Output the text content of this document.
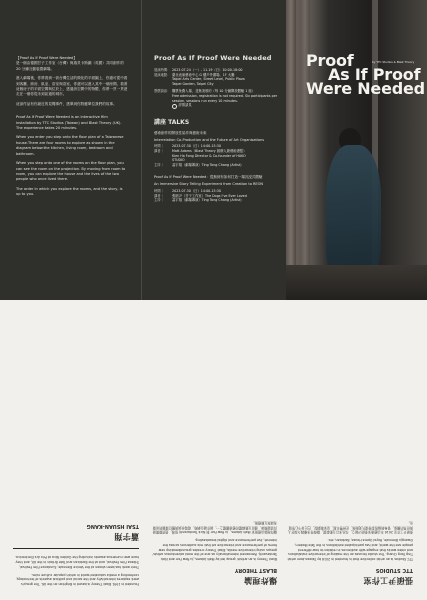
【Proof As If Proof Were Needed】

是一個由德國甘子工作室（台灣）與瑞貝卡斯圖（英國）共同創作的 20 分鐘互動裝置劇場。

進入劇場後，你將看到一套台灣生活的微化的平面圖上，你還可從中看到客廳、廚房、臥室、浴室與浴室，你還可以進入其中一個房間。看著這個房子的平面空間與位於上，透過該空間中的物體，你將一頁一頁遊走在一個你從未到訪過的城市。

這部作品有你最近的見聞事件，透單到你對應單位我們的故事。

Proof As If Proof Were Needed is an interactive film installation by TTC Studios (Taiwan) and Blast Theory (UK). The experience takes 20 minutes.

When you enter you step onto the floor plan of a Taiwanese house.There are four rooms to explore as shown in the diagram below:the kitchen, living room, bedroom and bathroom.

When you step onto one of the rooms on the floor plan, you can see the room on the projection. By moving from room to room, you can explore the house and the lives of the two people who once lived there.

The order in which you explore the rooms, and the story, is up to you.

Proof As If Proof Were Needed

展演時間： 2023.07.24（一）- 11.19（日）10:00-18:00
展演地點： 臺北表演藝術中心 G 樓戶外廣場、1F 大廳
Taipei Arts Center, Street Level, Public Plaza
Taipei Garden, Taipei City
票價資訊： 購票免費入場、並無須預約（每 10 分鐘開放體驗 1 組）
Free admission, registration is not required. Six participants per session, sessions run every 10 minutes.
詳情請見

講座 TALKS

藝術創作的開放性協作與藝術未來

Interrelation Co-Production and the Future of Art Organisations

時間｜	2023.07.30（日）14:00-15:30
講者｜	Matt Adams（Blast Theory 創辦人兼藝術總監）
Kien Ha Fong Director & Co-founder of HAKO
STUDIO
主持｜	蕭宇翔（劇場導演）Ting Tong Chang (Artist)

Proof As If Proof Were Needed：從無到有如何打造一場沉浸式體驗

An Immersive Story Telling Experiment from Creation to REON

時間｜	2023.07.30（日）14:00-15:30
講者｜	張碩尹（甘子工作室）The Dogs I've Ever Loved
主持｜	蕭宇翔（劇場導演）Ting Tong Chang (Artist)
Proof
As If Proof
Were Needed
by TTC Studios & Blast Theory
張碩尹工作室
TTC STUDIOS

TTC Studios is an artist collective that is founded in 2016 by Taiwan-born artist Ting Tong Chang. The studio focuses on the making of interactive installations and video works that engage with audiences in relation to how different people see the world, and has participated exhibitions in the Tate Modern, Gwangju Biennale, Royal Opera House, Barbican, etc.

張碩尹工作室 2016 年由藝術家張碩尹創立，作品多以互動裝置、錄像等多種媒介探討人與世界的關係，曾參與倫敦泰特現代美術館、光州雙年展、皇家歌劇院、巴比肯中心等展出。

爆炸理論
BLAST THEORY

Blast Theory is an artists' group led by Matt Adams, Ju Row Farr and Nick Tandavanitj. Renowned internationally as one of the most adventurous artists' groups using interactive media, Blast Theory creates groundbreaking new forms of performance and interactive art that mix audiences across the internet, live performance and digital broadcasting.

爆炸理論由藝術家 Matt Adams、Ju Row Farr 與 Nick Tandavanitj 領導，是國際間最具冒險精神、運用互動媒體的藝術團體之一，創作融合網路、現場表演與數位廣播的前衛表演與互動藝術。

Founded in 1991 Blast Theory is based in Brighton on the UK. The group's work explores interactivity and the social and political aspects of technology, confronting a media saturated world in which popular culture rules.

Their work has been shown at the Venice Biennale, Sundance Film Festival, Tribeca Film Festival, and at the Barbican and Tate Britain in the UK, and they have won numerous awards including the Golden Nica at Prix Ars Electronica.

蕭宇翔
TSAI HSUAN-KANG
